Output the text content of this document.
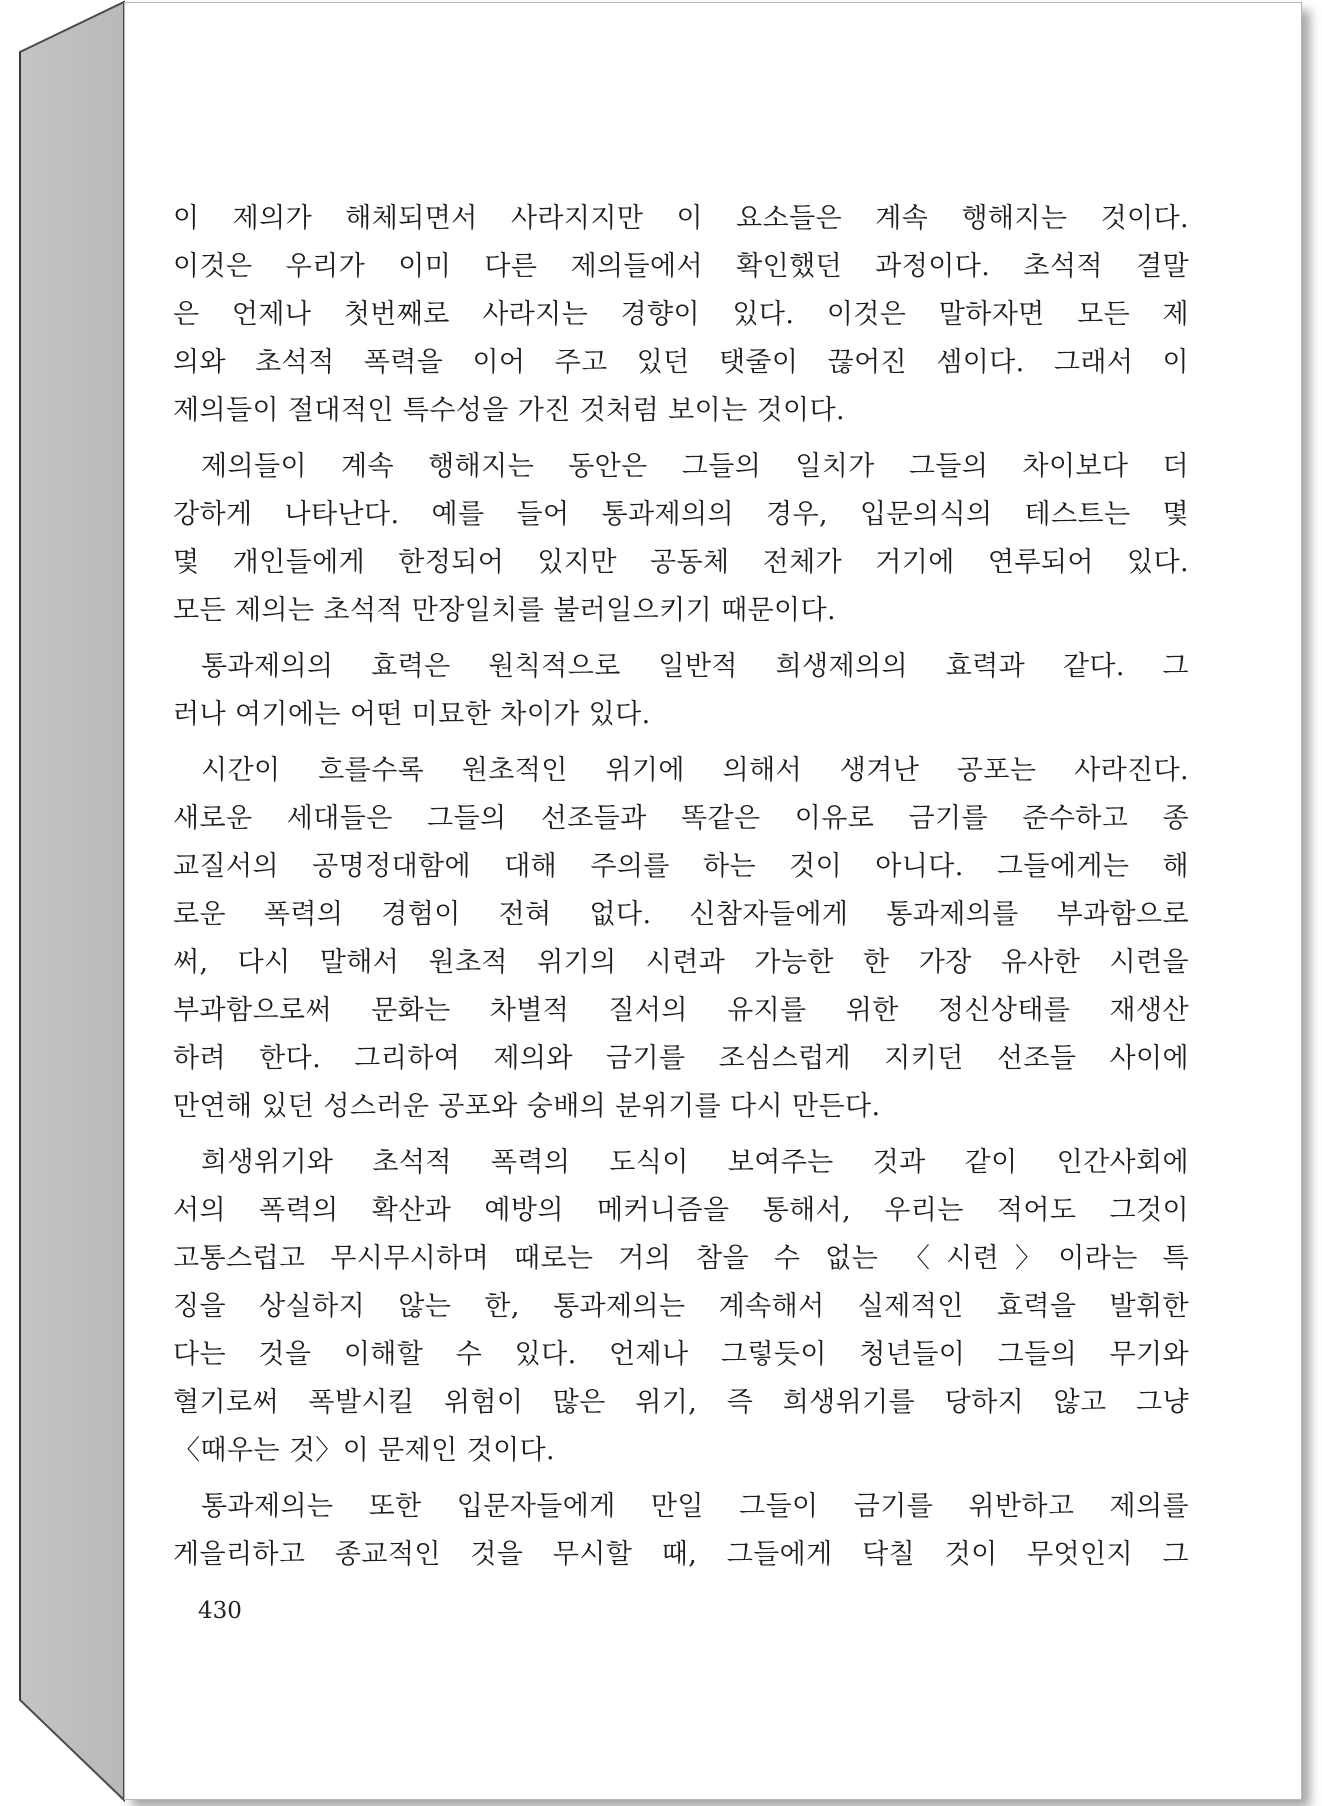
이 제의가 해체되면서 사라지지만 이 요소들은 계속 행해지는 것이다.
이것은 우리가 이미 다른 제의들에서 확인했던 과정이다. 초석적 결말
은 언제나 첫번째로 사라지는 경향이 있다. 이것은 말하자면 모든 제
의와 초석적 폭력을 이어 주고 있던 탯줄이 끊어진 셈이다. 그래서 이
제의들이 절대적인 특수성을 가진 것처럼 보이는 것이다.
제의들이 계속 행해지는 동안은 그들의 일치가 그들의 차이보다 더
강하게 나타난다. 예를 들어 통과제의의 경우, 입문의식의 테스트는 몇
몇 개인들에게 한정되어 있지만 공동체 전체가 거기에 연루되어 있다.
모든 제의는 초석적 만장일치를 불러일으키기 때문이다.
통과제의의 효력은 원칙적으로 일반적 희생제의의 효력과 같다. 그
러나 여기에는 어떤 미묘한 차이가 있다.
시간이 흐를수록 원초적인 위기에 의해서 생겨난 공포는 사라진다.
새로운 세대들은 그들의 선조들과 똑같은 이유로 금기를 준수하고 종
교질서의 공명정대함에 대해 주의를 하는 것이 아니다. 그들에게는 해
로운 폭력의 경험이 전혀 없다. 신참자들에게 통과제의를 부과함으로
써, 다시 말해서 원초적 위기의 시련과 가능한 한 가장 유사한 시련을
부과함으로써 문화는 차별적 질서의 유지를 위한 정신상태를 재생산
하려 한다. 그리하여 제의와 금기를 조심스럽게 지키던 선조들 사이에
만연해 있던 성스러운 공포와 숭배의 분위기를 다시 만든다.
희생위기와 초석적 폭력의 도식이 보여주는 것과 같이 인간사회에
서의 폭력의 확산과 예방의 메커니즘을 통해서, 우리는 적어도 그것이
고통스럽고 무시무시하며 때로는 거의 참을 수 없는 〈시련〉이라는 특
징을 상실하지 않는 한, 통과제의는 계속해서 실제적인 효력을 발휘한
다는 것을 이해할 수 있다. 언제나 그렇듯이 청년들이 그들의 무기와
혈기로써 폭발시킬 위험이 많은 위기, 즉 희생위기를 당하지 않고 그냥
〈때우는 것〉이 문제인 것이다.
통과제의는 또한 입문자들에게 만일 그들이 금기를 위반하고 제의를
게을리하고 종교적인 것을 무시할 때, 그들에게 닥칠 것이 무엇인지 그
430
